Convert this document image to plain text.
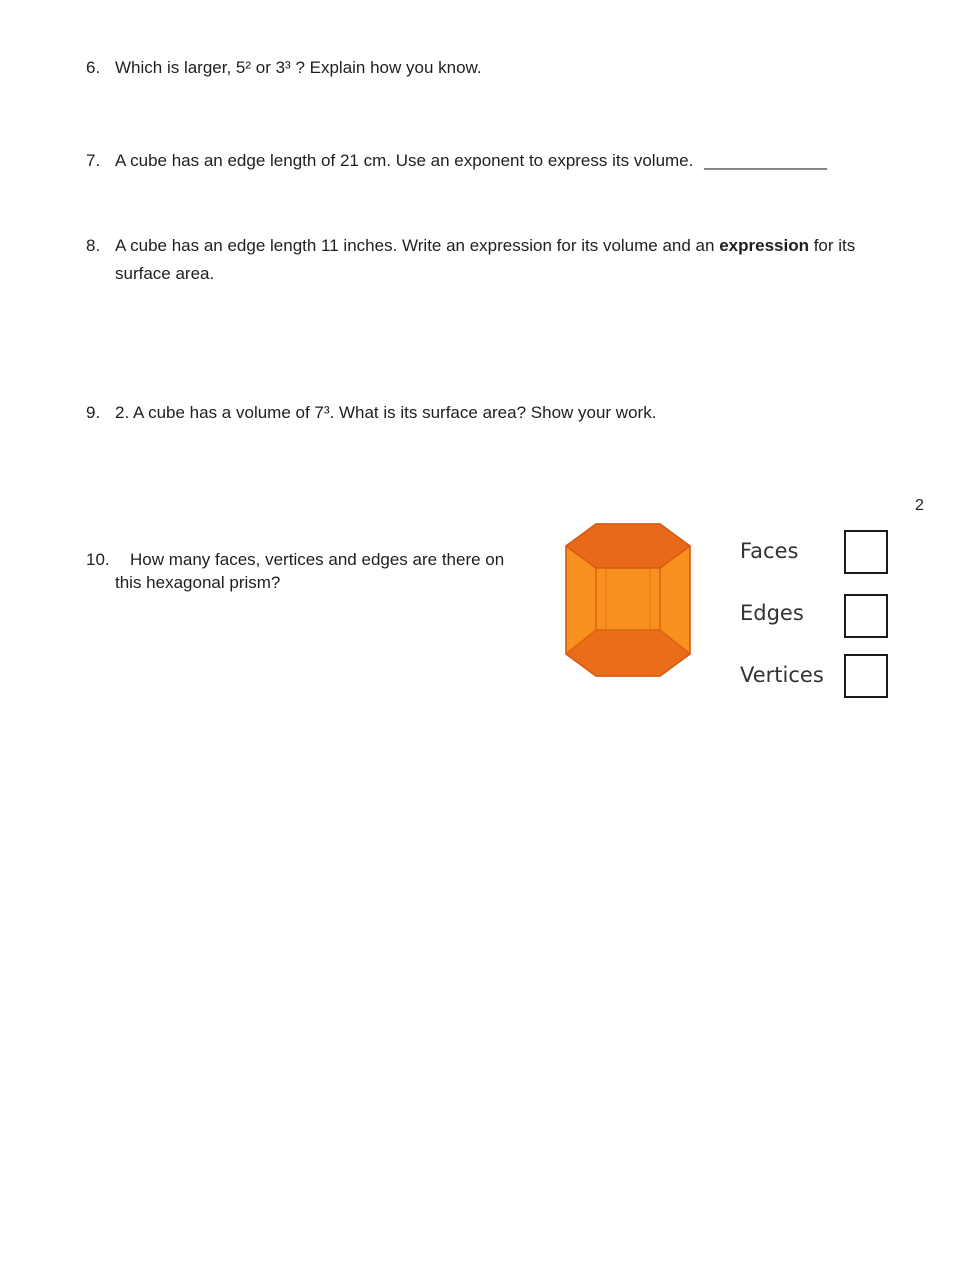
6. Which is larger, 5² or 3³ ? Explain how you know.
7. A cube has an edge length of 21 cm. Use an exponent to express its volume. _____________
8. A cube has an edge length 11 inches. Write an expression for its volume and an expression for its
surface area.
9. 2. A cube has a volume of 7³. What is its surface area? Show your work.
2
10. How many faces, vertices and edges are there on
this hexagonal prism?
Faces
Edges
Vertices
